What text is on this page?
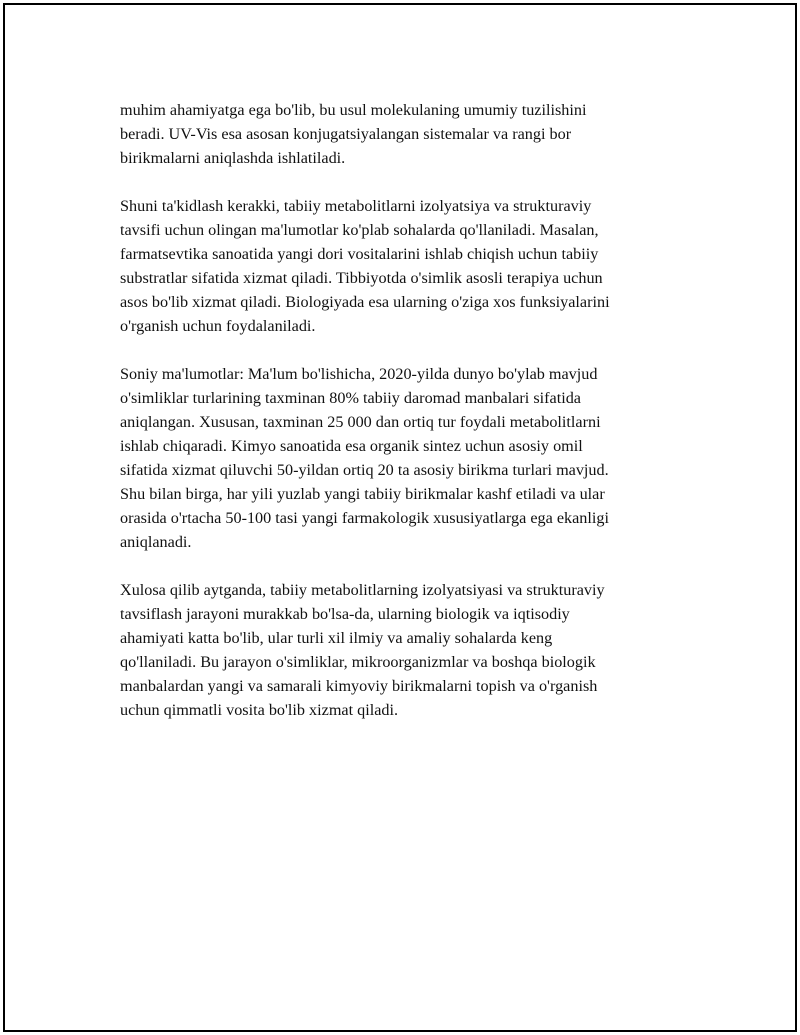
muhim ahamiyatga ega bo'lib, bu usul molekulaning umumiy tuzilishini
beradi. UV-Vis esa asosan konjugatsiyalangan sistemalar va rangi bor
birikmalarni aniqlashda ishlatiladi.

Shuni ta'kidlash kerakki, tabiiy metabolitlarni izolyatsiya va strukturaviy
tavsifi uchun olingan ma'lumotlar ko'plab sohalarda qo'llaniladi. Masalan,
farmatsevtika sanoatida yangi dori vositalarini ishlab chiqish uchun tabiiy
substratlar sifatida xizmat qiladi. Tibbiyotda o'simlik asosli terapiya uchun
asos bo'lib xizmat qiladi. Biologiyada esa ularning o'ziga xos funksiyalarini
o'rganish uchun foydalaniladi.

Soniy ma'lumotlar: Ma'lum bo'lishicha, 2020-yilda dunyo bo'ylab mavjud
o'simliklar turlarining taxminan 80% tabiiy daromad manbalari sifatida
aniqlangan. Xususan, taxminan 25 000 dan ortiq tur foydali metabolitlarni
ishlab chiqaradi. Kimyo sanoatida esa organik sintez uchun asosiy omil
sifatida xizmat qiluvchi 50-yildan ortiq 20 ta asosiy birikma turlari mavjud.
Shu bilan birga, har yili yuzlab yangi tabiiy birikmalar kashf etiladi va ular
orasida o'rtacha 50-100 tasi yangi farmakologik xususiyatlarga ega ekanligi
aniqlanadi.

Xulosa qilib aytganda, tabiiy metabolitlarning izolyatsiyasi va strukturaviy
tavsiflash jarayoni murakkab bo'lsa-da, ularning biologik va iqtisodiy
ahamiyati katta bo'lib, ular turli xil ilmiy va amaliy sohalarda keng
qo'llaniladi. Bu jarayon o'simliklar, mikroorganizmlar va boshqa biologik
manbalardan yangi va samarali kimyoviy birikmalarni topish va o'rganish
uchun qimmatli vosita bo'lib xizmat qiladi.
